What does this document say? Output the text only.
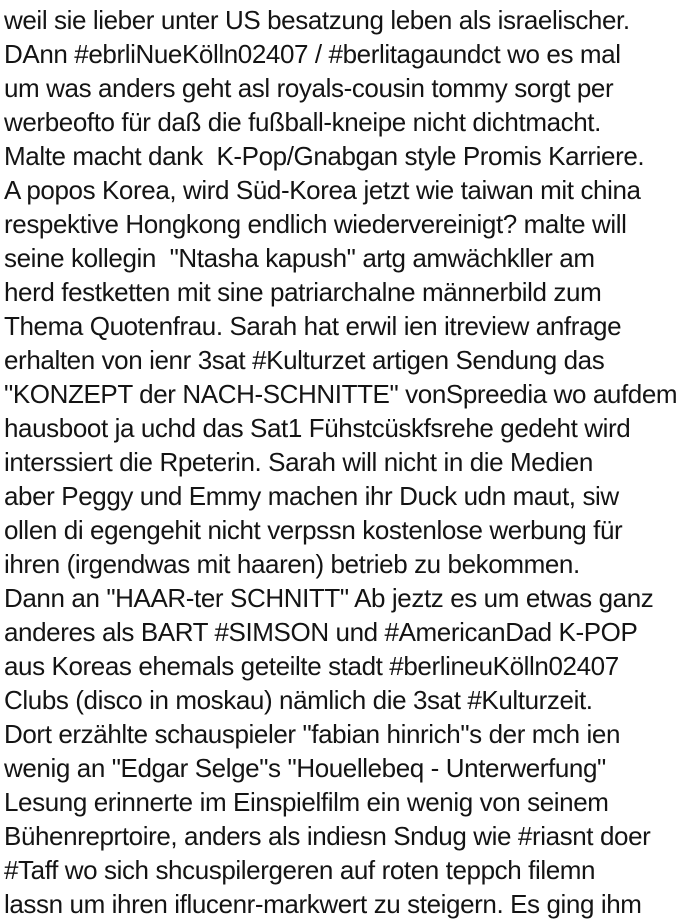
weil sie lieber unter US besatzung leben als israelischer.
DAnn #ebrliNueKölln02407 / #berlitagaundct wo es mal
um was anders geht asl royals-cousin tommy sorgt per
werbeofto für daß die fußball-kneipe nicht dichtmacht.
Malte macht dank  K-Pop/Gnabgan style Promis Karriere.
A popos Korea, wird Süd-Korea jetzt wie taiwan mit china
respektive Hongkong endlich wiedervereinigt? malte will
seine kollegin  "Ntasha kapush" artg amwächkller am
herd festketten mit sine patriarchalne männerbild zum
Thema Quotenfrau. Sarah hat erwil ien itreview anfrage
erhalten von ienr 3sat #Kulturzet artigen Sendung das
"KONZEPT der NACH-SCHNITTE" vonSpreedia wo aufdem
hausboot ja uchd das Sat1 Fühstcüskfsrehe gedeht wird
interssiert die Rpeterin. Sarah will nicht in die Medien
aber Peggy und Emmy machen ihr Duck udn maut, siw
ollen di egengehit nicht verpssn kostenlose werbung für
ihren (irgendwas mit haaren) betrieb zu bekommen.
Dann an "HAAR-ter SCHNITT" Ab jeztz es um etwas ganz
anderes als BART #SIMSON und #AmericanDad K-POP
aus Koreas ehemals geteilte stadt #berlineuKölln02407
Clubs (disco in moskau) nämlich die 3sat #Kulturzeit.
Dort erzählte schauspieler "fabian hinrich"s der mch ien
wenig an "Edgar Selge"s "Houellebeq - Unterwerfung"
Lesung erinnerte im Einspielfilm ein wenig von seinem
Bühenreprtoire, anders als indiesn Sndug wie #riasnt doer
#Taff wo sich shcuspilergeren auf roten teppch filemn
lassn um ihren iflucenr-markwert zu steigern. Es ging ihm
